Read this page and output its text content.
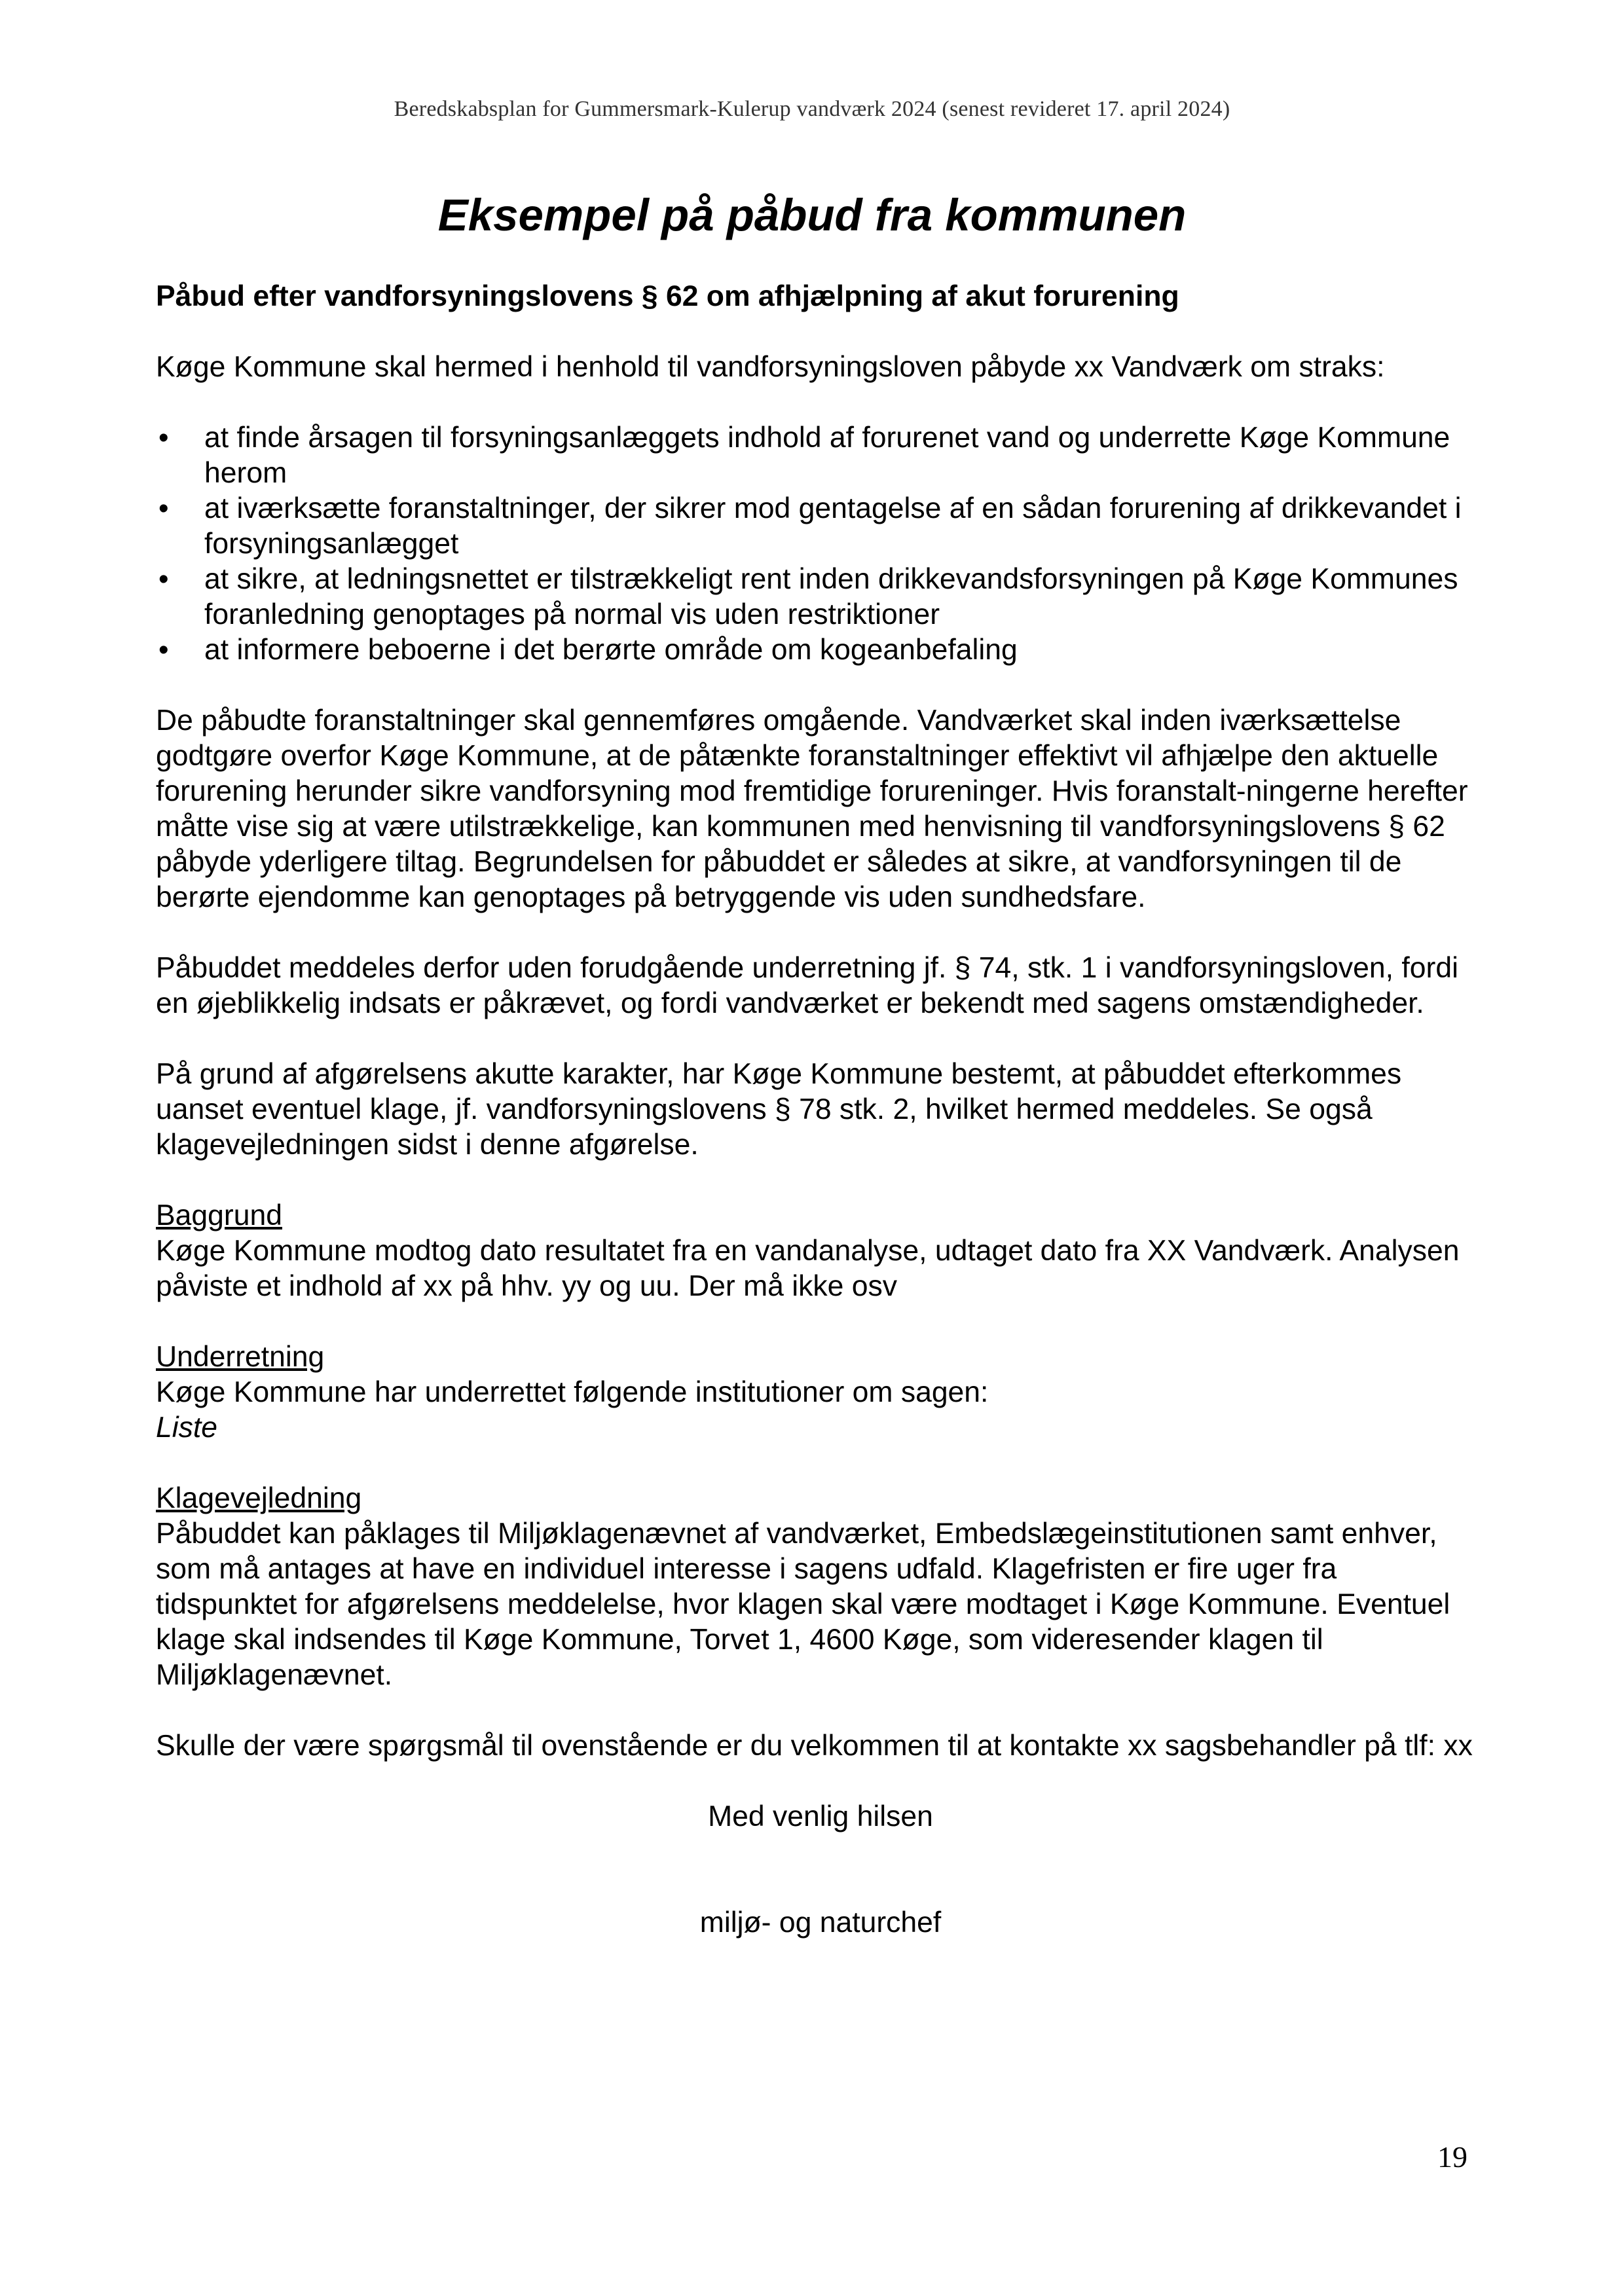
Beredskabsplan for Gummersmark-Kulerup vandværk 2024 (senest revideret 17. april 2024)
Eksempel på påbud fra kommunen
Påbud efter vandforsyningslovens § 62 om afhjælpning af akut forurening

Køge Kommune skal hermed i henhold til vandforsyningsloven påbyde xx Vandværk om straks:

• at finde årsagen til forsyningsanlæggets indhold af forurenet vand og underrette Køge Kommune herom
• at iværksætte foranstaltninger, der sikrer mod gentagelse af en sådan forurening af drikkevandet i forsyningsanlægget
• at sikre, at ledningsnettet er tilstrækkeligt rent inden drikkevandsforsyningen på Køge Kommunes foranledning genoptages på normal vis uden restriktioner
• at informere beboerne i det berørte område om kogeanbefaling

De påbudte foranstaltninger skal gennemføres omgående. Vandværket skal inden iværksættelse godtgøre overfor Køge Kommune, at de påtænkte foranstaltninger effektivt vil afhjælpe den aktuelle forurening herunder sikre vandforsyning mod fremtidige forureninger. Hvis foranstalt-ningerne herefter måtte vise sig at være utilstrækkelige, kan kommunen med henvisning til vandforsyningslovens § 62 påbyde yderligere tiltag. Begrundelsen for påbuddet er således at sikre, at vandforsyningen til de berørte ejendomme kan genoptages på betryggende vis uden sundhedsfare.

Påbuddet meddeles derfor uden forudgående underretning jf. § 74, stk. 1 i vandforsyningsloven, fordi en øjeblikkelig indsats er påkrævet, og fordi vandværket er bekendt med sagens omstændigheder.

På grund af afgørelsens akutte karakter, har Køge Kommune bestemt, at påbuddet efterkommes uanset eventuel klage, jf. vandforsyningslovens § 78 stk. 2, hvilket hermed meddeles. Se også klagevejledningen sidst i denne afgørelse.

Baggrund
Køge Kommune modtog dato resultatet fra en vandanalyse, udtaget dato fra XX Vandværk. Analysen påviste et indhold af xx på hhv. yy og uu. Der må ikke osv

Underretning
Køge Kommune har underrettet følgende institutioner om sagen:
Liste

Klagevejledning
Påbuddet kan påklages til Miljøklagenævnet af vandværket, Embedslægeinstitutionen samt enhver, som må antages at have en individuel interesse i sagens udfald. Klagefristen er fire uger fra tidspunktet for afgørelsens meddelelse, hvor klagen skal være modtaget i Køge Kommune. Eventuel klage skal indsendes til Køge Kommune, Torvet 1, 4600 Køge, som videresender klagen til Miljøklagenævnet.

Skulle der være spørgsmål til ovenstående er du velkommen til at kontakte xx sagsbehandler på tlf: xx

Med venlig hilsen

miljø- og naturchef

19
